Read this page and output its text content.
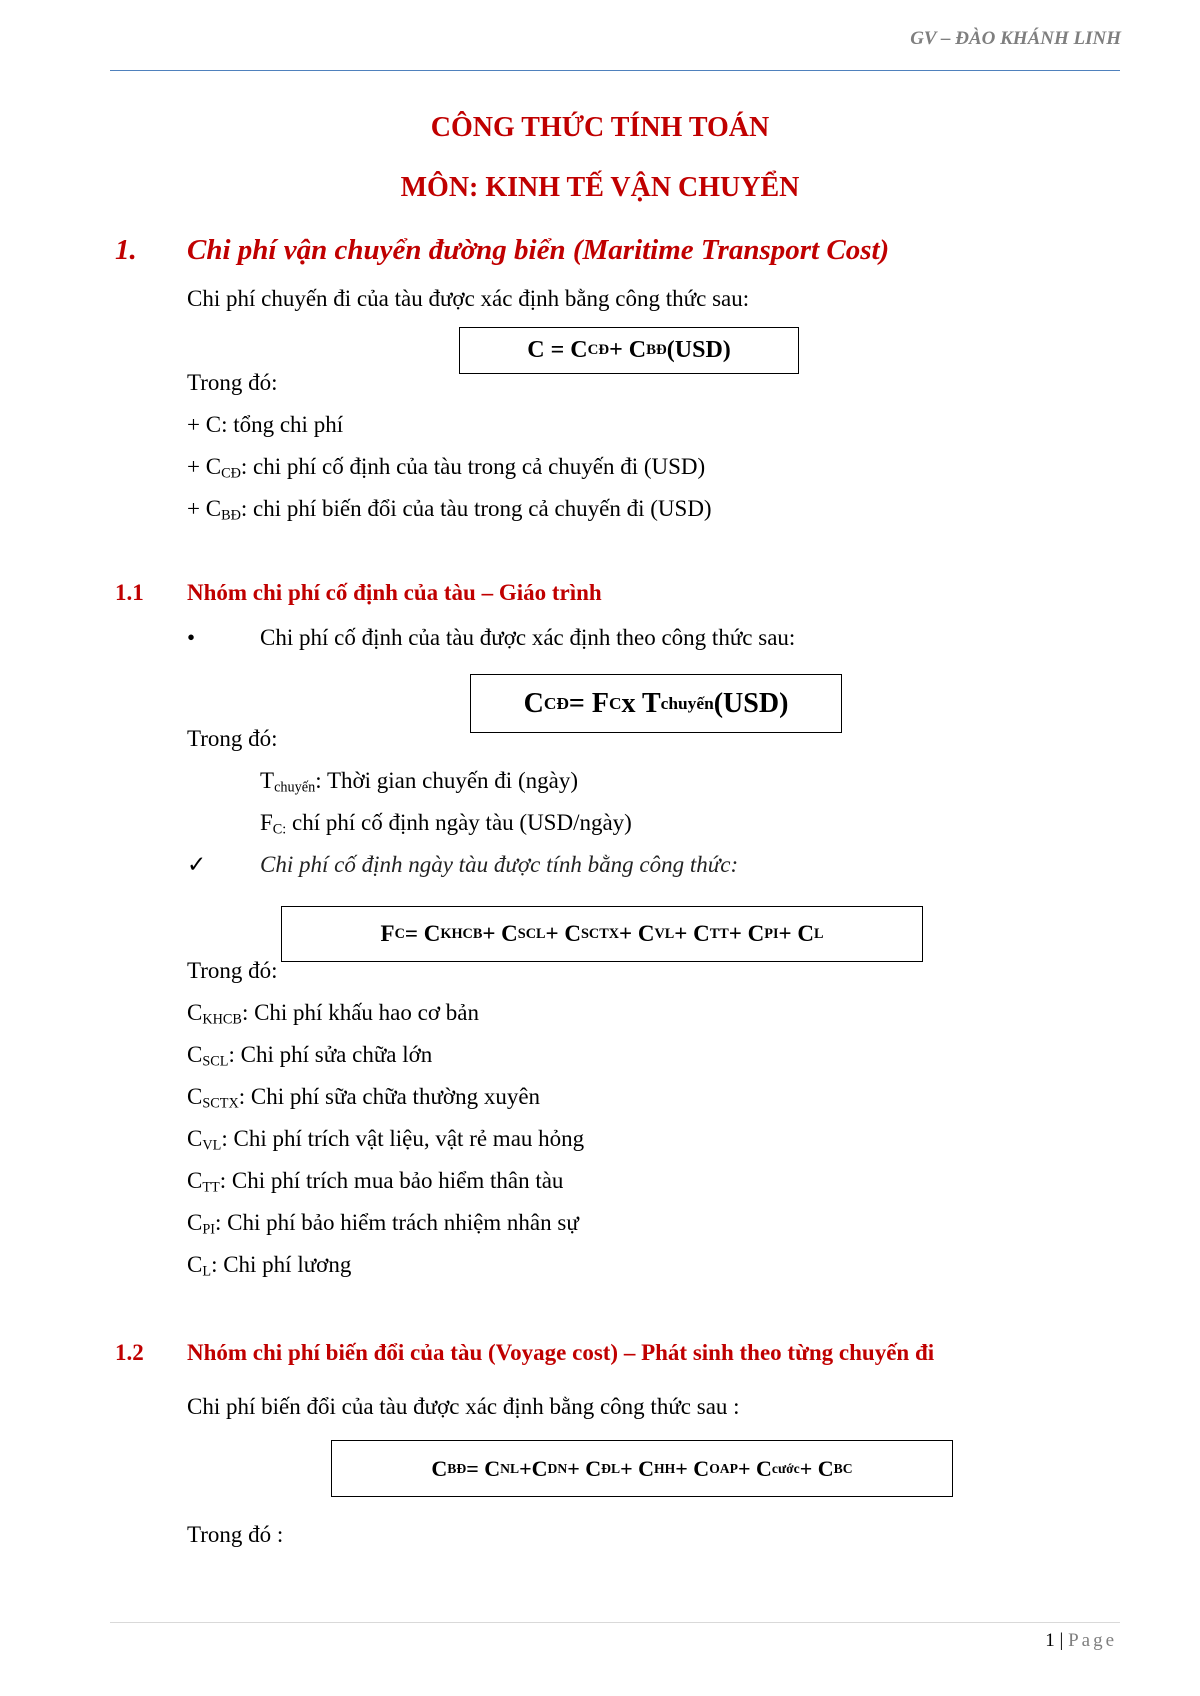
GV – ĐÀO KHÁNH LINH
CÔNG THỨC TÍNH TOÁN
MÔN: KINH TẾ VẬN CHUYỂN
1. Chi phí vận chuyển đường biển (Maritime Transport Cost)
Chi phí chuyến đi của tàu được xác định bằng công thức sau:
C = C CĐ + C BĐ (USD)
Trong đó:
+ C: tổng chi phí
+ $C_{CĐ}$: chi phí cố định của tàu trong cả chuyến đi (USD)
+ $C_{BĐ}$: chi phí biến đổi của tàu trong cả chuyến đi (USD)
1.1 Nhóm chi phí cố định của tàu – Giáo trình
•	Chi phí cố định của tàu được xác định theo công thức sau:
C CĐ = F C x T chuyến (USD)
Trong đó:
$T_{chuyến}$: Thời gian chuyến đi (ngày)
$F_{C:}$ chí phí cố định ngày tàu (USD/ngày)
✓ Chi phí cố định ngày tàu được tính bằng công thức:
F C = C KHCB + C SCL + C SCTX + C VL + C TT + C PI + C L
Trong đó:
$C_{KHCB}$: Chi phí khấu hao cơ bản
$C_{SCL}$: Chi phí sửa chữa lớn
$C_{SCTX}$: Chi phí sữa chữa thường xuyên
$C_{VL}$: Chi phí trích vật liệu, vật rẻ mau hỏng
$C_{TT}$: Chi phí trích mua bảo hiểm thân tàu
$C_{PI}$: Chi phí bảo hiểm trách nhiệm nhân sự
$C_L$: Chi phí lương
1.2 Nhóm chi phí biến đổi của tàu (Voyage cost) – Phát sinh theo từng chuyến đi
Chi phí biến đổi của tàu được xác định bằng công thức sau :
C BĐ = C NL +C DN + C ĐL + C HH + C OAP + C cước + C BC
Trong đó :
1 | Page
